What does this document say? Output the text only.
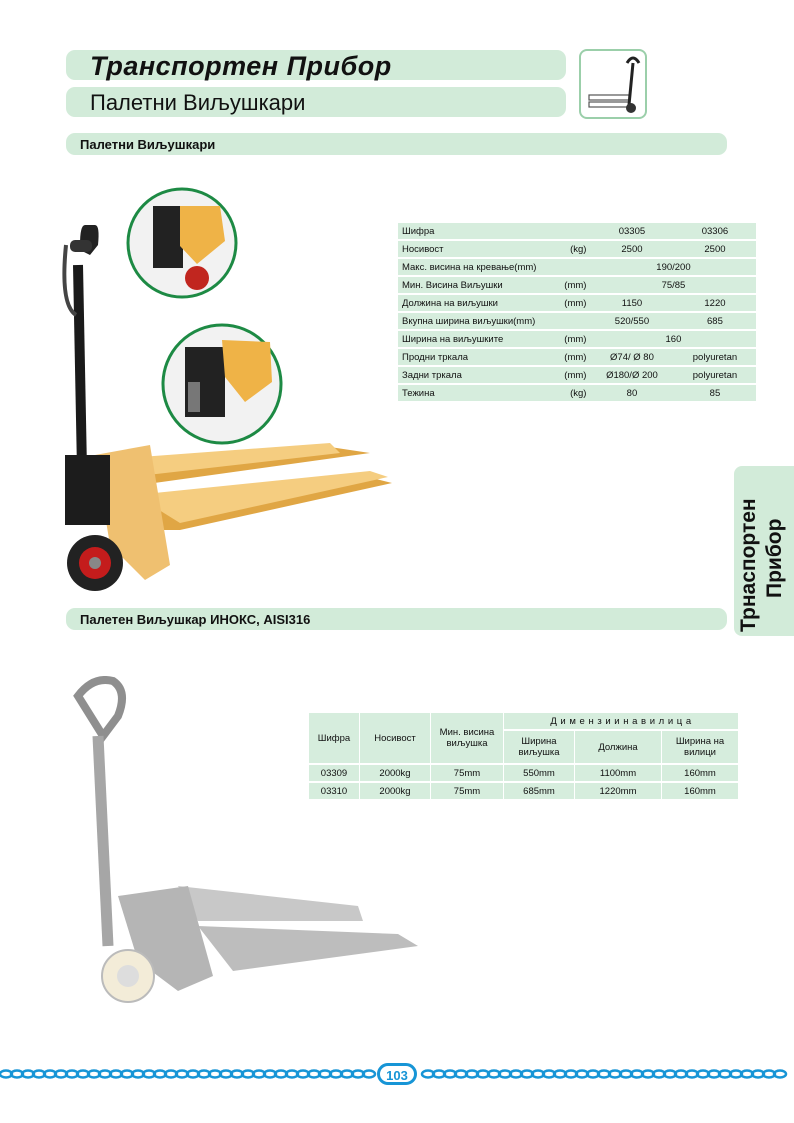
Транспортен Прибор
Палетни Виљушкари
Палетни Виљушкари
Шифра		03305	03306
Носивост	(kg)	2500	2500
Макс. висина на кревање(mm)		190/200	
Мин. Висина Виљушки	(mm)	75/85	
Должина на виљушки	(mm)	1150	1220
Вкупна ширина виљушки(mm)		520/550	685
Ширина на виљушките	(mm)	160	
Продни тркала	(mm)	Ø74/ Ø 80	polyuretan
Задни тркала	(mm)	Ø180/Ø 200	polyuretan
Тежина	(kg)	80	85
Палетен Виљушкар ИНОКС, AISI316
Шифра	Носивост	Мин. висина виљушка	Д и м е н з и и н а в и л и ц а		
			Ширина виљушка	Должина	Ширина на вилици
03309	2000kg	75mm	550mm	1100mm	160mm
03310	2000kg	75mm	685mm	1220mm	160mm
Трнаспортен Прибор
103
